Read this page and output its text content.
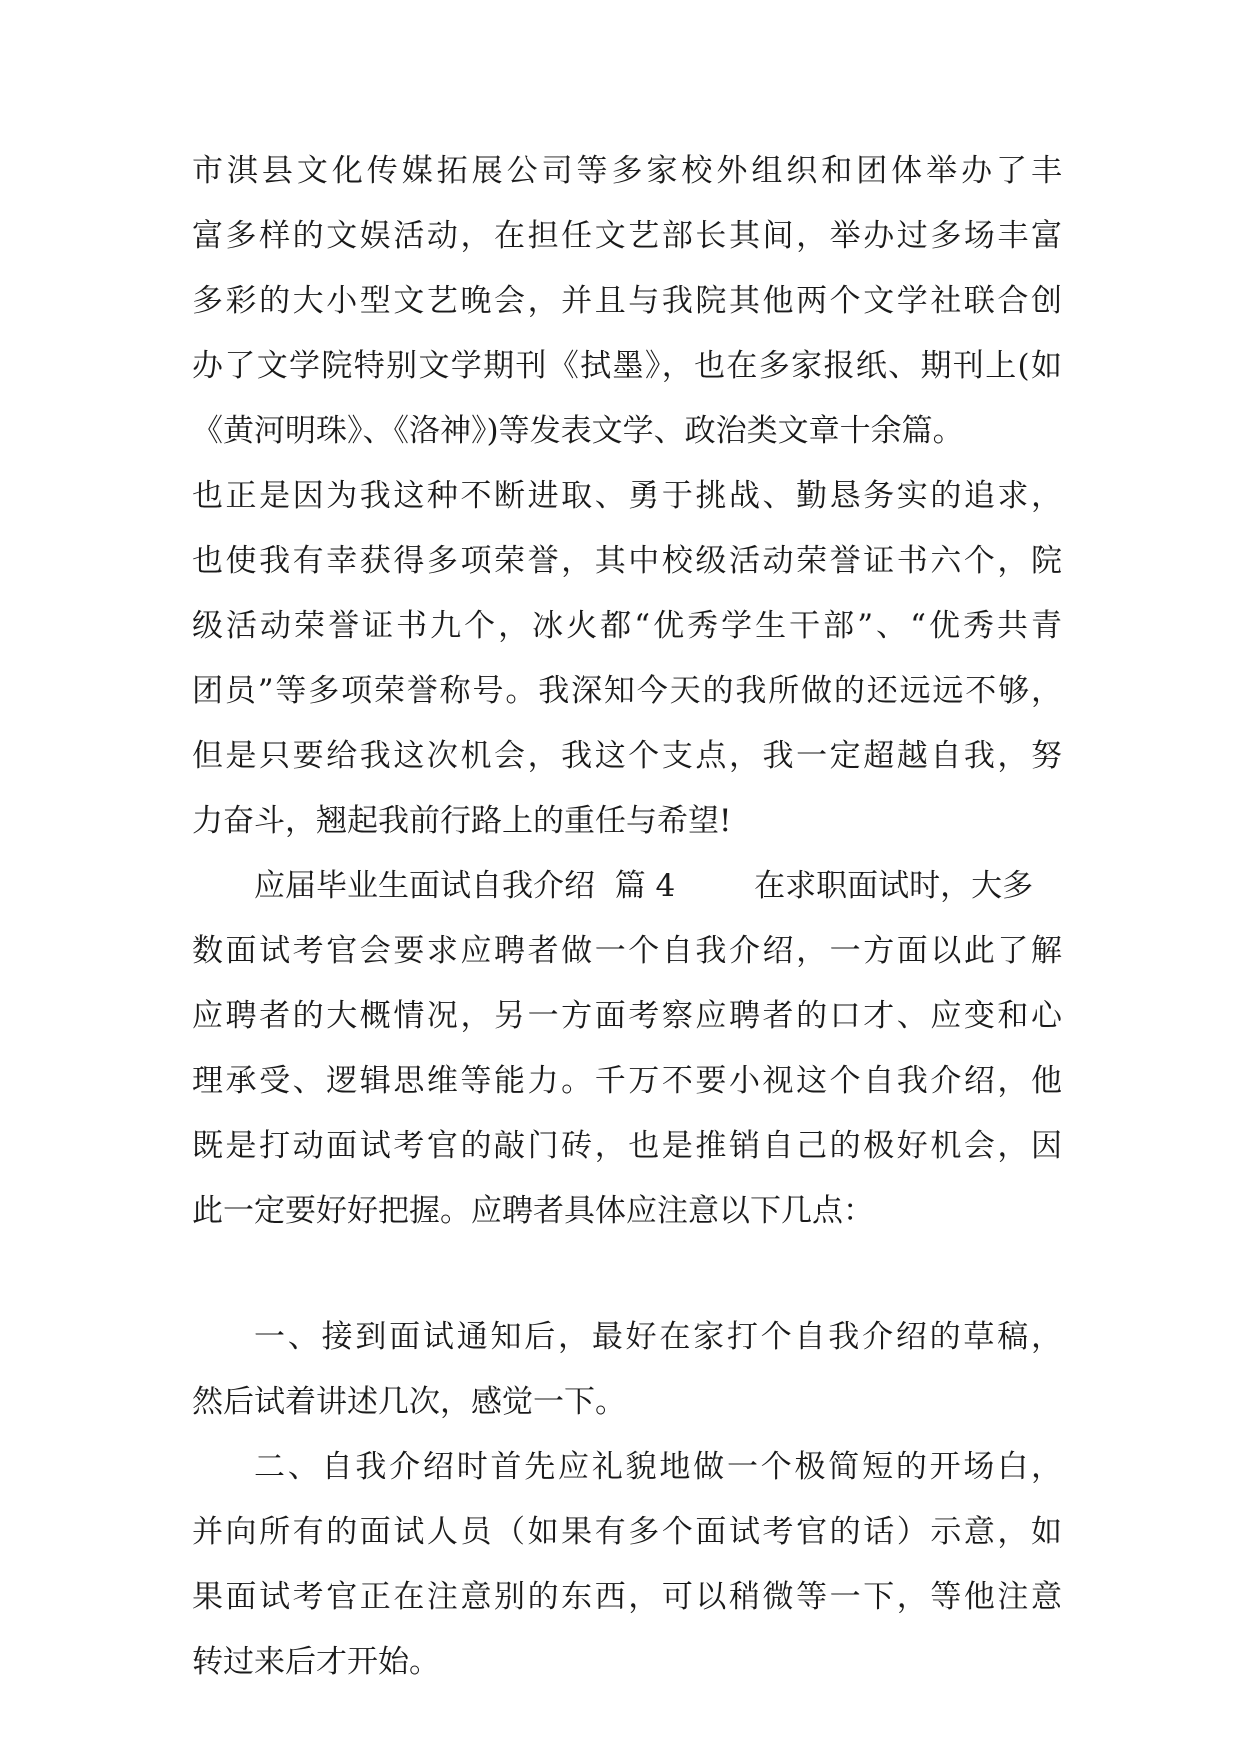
市淇县文化传媒拓展公司等多家校外组织和团体举办了丰
富多样的文娱活动，在担任文艺部长其间，举办过多场丰富
多彩的大小型文艺晚会，并且与我院其他两个文学社联合创
办了文学院特别文学期刊《拭墨》，也在多家报纸、期刊上(如
《黄河明珠》、《洛神》)等发表文学、政治类文章十余篇。
也正是因为我这种不断进取、勇于挑战、勤恳务实的追求，
也使我有幸获得多项荣誉，其中校级活动荣誉证书六个，院
级活动荣誉证书九个，冰火都“优秀学生干部”、“优秀共青
团员”等多项荣誉称号。我深知今天的我所做的还远远不够，
但是只要给我这次机会，我这个支点，我一定超越自我，努
力奋斗，翘起我前行路上的重任与希望!
应届毕业生面试自我介绍  篇 4        在求职面试时，大多
数面试考官会要求应聘者做一个自我介绍，一方面以此了解
应聘者的大概情况，另一方面考察应聘者的口才、应变和心
理承受、逻辑思维等能力。千万不要小视这个自我介绍，他
既是打动面试考官的敲门砖，也是推销自己的极好机会，因
此一定要好好把握。应聘者具体应注意以下几点：
一、接到面试通知后，最好在家打个自我介绍的草稿，
然后试着讲述几次，感觉一下。
二、自我介绍时首先应礼貌地做一个极简短的开场白，
并向所有的面试人员（如果有多个面试考官的话）示意，如
果面试考官正在注意别的东西，可以稍微等一下，等他注意
转过来后才开始。
